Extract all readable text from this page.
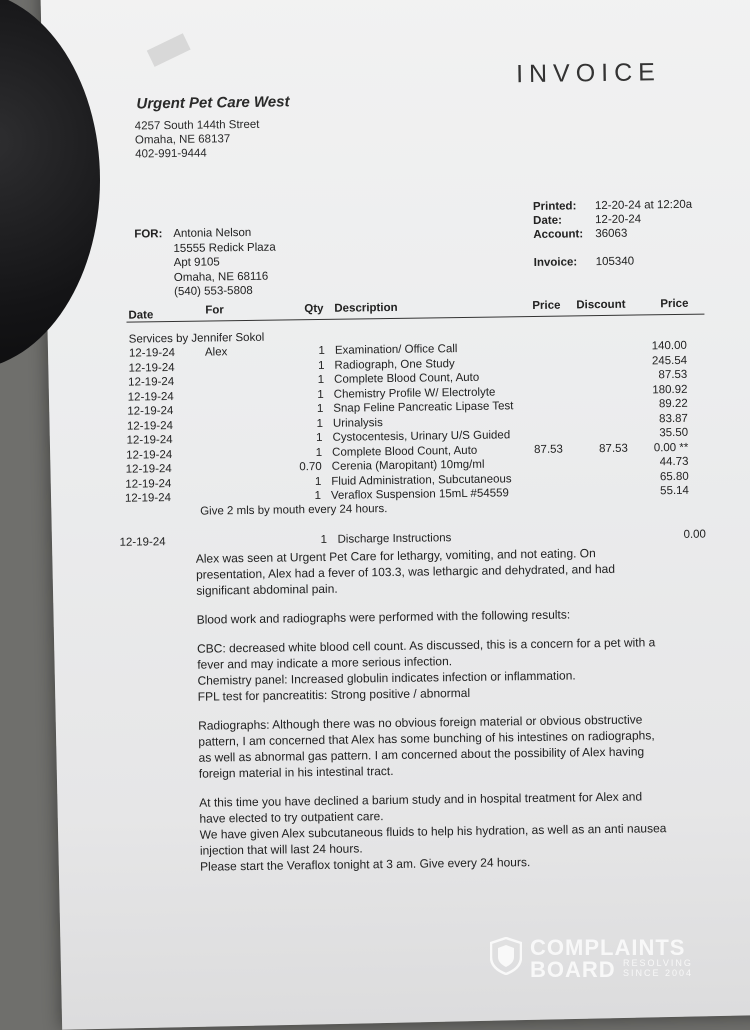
INVOICE
Urgent Pet Care West
4257 South 144th Street
Omaha, NE 68137
402-991-9444
FOR: Antonia Nelson
15555 Redick Plaza
Apt 9105
Omaha, NE 68116
(540) 553-5808
Printed: 12-20-24 at 12:20a
Date:	12-20-24
Account: 36063
Invoice: 105340
Date	For	Qty Description	Price Discount	Price
Services by Jennifer Sokol
12-19-24	Alex	1 Examination/ Office Call	140.00
12-19-24	1 Radiograph, One Study	245.54
12-19-24	1 Complete Blood Count, Auto	87.53
12-19-24	1 Chemistry Profile W/ Electrolyte	180.92
12-19-24	1 Snap Feline Pancreatic Lipase Test	89.22
12-19-24	1 Urinalysis	83.87
12-19-24	1 Cystocentesis, Urinary U/S Guided	35.50
12-19-24	1 Complete Blood Count, Auto	87.53	87.53 0.00 **
12-19-24	0.70 Cerenia (Maropitant) 10mg/ml	44.73
12-19-24	1 Fluid Administration, Subcutaneous	65.80
12-19-24	1 Veraflox Suspension 15mL #54559	55.14
Give 2 mls by mouth every 24 hours.
12-19-24	1 Discharge Instructions	0.00

Alex was seen at Urgent Pet Care for lethargy, vomiting, and not eating. On presentation, Alex had a fever of 103.3, was lethargic and dehydrated, and had significant abdominal pain.

Blood work and radiographs were performed with the following results:

CBC: decreased white blood cell count. As discussed, this is a concern for a pet with a fever and may indicate a more serious infection.
Chemistry panel: Increased globulin indicates infection or inflammation.
FPL test for pancreatitis: Strong positive / abnormal

Radiographs: Although there was no obvious foreign material or obvious obstructive pattern, I am concerned that Alex has some bunching of his intestines on radiographs, as well as abnormal gas pattern. I am concerned about the possibility of Alex having foreign material in his intestinal tract.

At this time you have declined a barium study and in hospital treatment for Alex and have elected to try outpatient care.
We have given Alex subcutaneous fluids to help his hydration, as well as an anti nausea injection that will last 24 hours.
Please start the Veraflox tonight at 3 am. Give every 24 hours.

COMPLAINTS
BOARD RESOLVING
SINCE 2004
